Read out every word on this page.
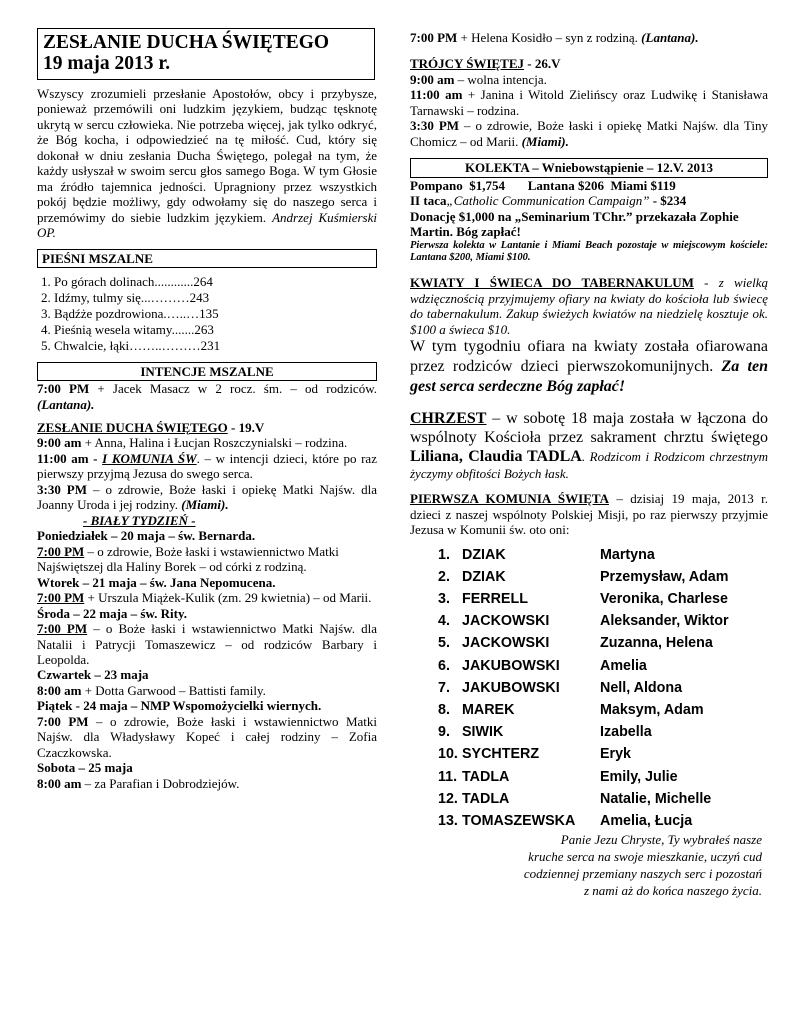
ZESŁANIE DUCHA ŚWIĘTEGO
19 maja 2013 r.

Wszyscy zrozumieli przesłanie Apostołów, obcy i przybysze, ponieważ przemówili oni ludzkim językiem, budząc tęsknotę ukrytą w sercu człowieka. Nie potrzeba więcej, jak tylko odkryć, że Bóg kocha, i odpowiedzieć na tę miłość. Cud, który się dokonał w dniu zesłania Ducha Świętego, polegał na tym, że każdy usłyszał w swoim sercu głos samego Boga. W tym Głosie ma źródło tajemnica jedności. Upragniony przez wszystkich pokój będzie możliwy, gdy odwołamy się do naszego serca i przemówimy do siebie ludzkim językiem. Andrzej Kuśmierski OP.

PIEŚNI MSZALNE
1. Po górach dolinach............264
2. Idźmy, tulmy się...………243
3. Bądźże pozdrowiona.…..…135
4. Pieśnią wesela witamy.......263
5. Chwalcie, łąki……..………231
INTENCJE MSZALNE

7:00 PM + Jacek Masacz w 2 rocz. śm. – od rodziców. (Lantana).

ZESŁANIE DUCHA ŚWIĘTEGO - 19.V

9:00 am + Anna, Halina i Łucjan Roszczynialski – rodzina.

11:00 am - I KOMUNIA ŚW. – w intencji dzieci, które po raz pierwszy przyjmą Jezusa do swego serca.

3:30 PM – o zdrowie, Boże łaski i opiekę Matki Najśw. dla Joanny Uroda i jej rodziny. (Miami).

- BIAŁY TYDZIEŃ -

Poniedziałek – 20 maja – św. Bernarda.

7:00 PM – o zdrowie, Boże łaski i wstawiennictwo Matki Najświętszej dla Haliny Borek – od córki z rodziną.

Wtorek – 21 maja – św. Jana Nepomucena.

7:00 PM + Urszula Miążek-Kulik (zm. 29 kwietnia) – od Marii.

Środa – 22 maja – św. Rity.

7:00 PM – o Boże łaski i wstawiennictwo Matki Najśw. dla Natalii i Patrycji Tomaszewicz – od rodziców Barbary i Leopolda.

Czwartek – 23 maja

8:00 am + Dotta Garwood – Battisti family.

Piątek - 24 maja – NMP Wspomożycielki wiernych.

7:00 PM – o zdrowie, Boże łaski i wstawiennictwo Matki Najśw. dla Władysławy Kopeć i całej rodziny – Zofia Czaczkowska.

Sobota – 25 maja

8:00 am – za Parafian i Dobrodziejów.

7:00 PM + Helena Kosidło – syn z rodziną. (Lantana).

TRÓJCY ŚWIĘTEJ - 26.V

9:00 am – wolna intencja.

11:00 am + Janina i Witold Zielińscy oraz Ludwikę i Stanisława Tarnawski – rodzina.

3:30 PM – o zdrowie, Boże łaski i opiekę Matki Najśw. dla Tiny Chomicz – od Marii. (Miami).

KOLEKTA – Wniebowstąpienie – 12.V. 2013

Pompano  $1,754       Lantana $206  Miami $119

II taca„Catholic Communication Campaign” - $234

Donację $1,000 na „Seminarium TChr.” przekazała Zophie Martin. Bóg zapłać!

Pierwsza kolekta w Lantanie i Miami Beach pozostaje w miejscowym kościele: Lantana $200, Miami $100.

KWIATY I ŚWIECA DO TABERNAKULUM - z wielką wdzięcznością przyjmujemy ofiary na kwiaty do kościoła lub świecę do tabernakulum. Zakup świeżych kwiatów na niedzielę kosztuje ok. $100 a świeca $10.

W tym tygodniu ofiara na kwiaty została ofiarowana przez rodziców dzieci pierwszokomunijnych. Za ten gest serca serdeczne Bóg zapłać!

CHRZEST – w sobotę 18 maja została w łączona do wspólnoty Kościoła przez sakrament chrztu świętego Liliana, Claudia TADLA. Rodzicom i Rodzicom chrzestnym życzymy obfitości Bożych łask.

PIERWSZA KOMUNIA ŚWIĘTA – dzisiaj 19 maja, 2013 r. dzieci z naszej wspólnoty Polskiej Misji, po raz pierwszy przyjmie Jezusa w Komunii św. oto oni:

1. DZIAK	Martyna
2. DZIAK	Przemysław, Adam
3. FERRELL	Veronika, Charlese
4. JACKOWSKI	Aleksander, Wiktor
5. JACKOWSKI	Zuzanna, Helena
6. JAKUBOWSKI	Amelia
7. JAKUBOWSKI	Nell, Aldona
8. MAREK	Maksym, Adam
9. SIWIK	Izabella
10. SYCHTERZ	Eryk
11. TADLA	Emily, Julie
12. TADLA	Natalie, Michelle
13. TOMASZEWSKA	Amelia, Łucja
Panie Jezu Chryste, Ty wybrałeś nasze
kruche serca na swoje mieszkanie, uczyń cud
codziennej przemiany naszych serc i pozostań
z nami aż do końca naszego życia.
